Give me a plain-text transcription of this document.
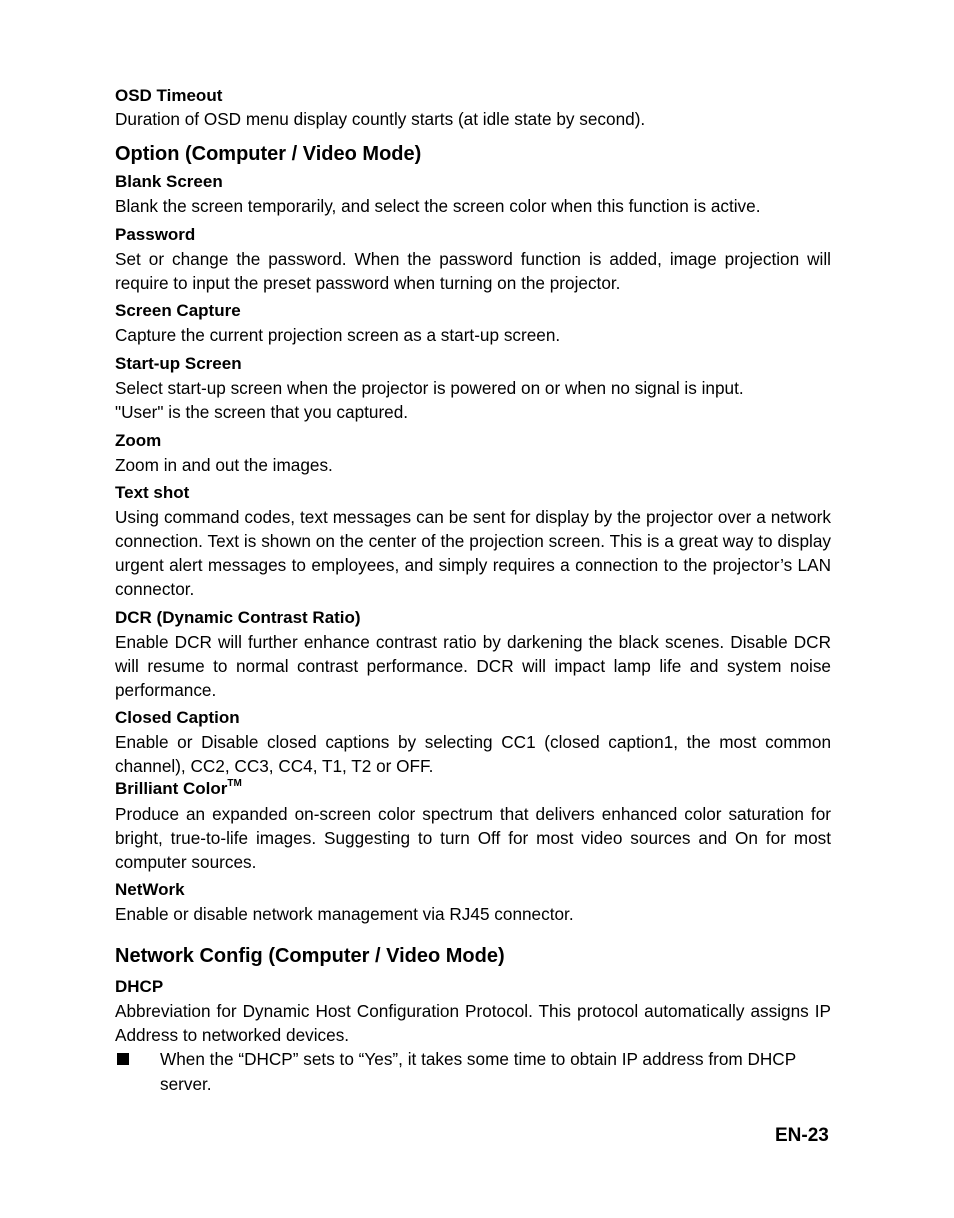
OSD Timeout
Duration of OSD menu display countly starts (at idle state by second).
Option (Computer / Video Mode)
Blank Screen
Blank the screen temporarily, and select the screen color when this function is active.
Password
Set or change the password. When the password function is added, image projection will require to input the preset password when turning on the projector.
Screen Capture
Capture the current projection screen as a start-up screen.
Start-up Screen
Select start-up screen when the projector is powered on or when no signal is input.
"User" is the screen that you captured.
Zoom
Zoom in and out the images.
Text shot
Using command codes, text messages can be sent for display by the projector over a network connection. Text is shown on the center of the projection screen. This is a great way to display urgent alert messages to employees, and simply requires a connection to the projector’s LAN connector.
DCR (Dynamic Contrast Ratio)
Enable DCR will further enhance contrast ratio by darkening the black scenes. Disable DCR will resume to normal contrast performance. DCR will impact lamp life and system noise performance.
Closed Caption
Enable or Disable closed captions by selecting CC1 (closed caption1, the most common channel), CC2, CC3, CC4, T1, T2 or OFF.
Brilliant Color™
Produce an expanded on-screen color spectrum that delivers enhanced color saturation for bright, true-to-life images. Suggesting to turn Off for most video sources and On for most computer sources.
NetWork
Enable or disable network management via RJ45 connector.
Network Config (Computer / Video Mode)
DHCP
Abbreviation for Dynamic Host Configuration Protocol. This protocol automatically assigns IP Address to networked devices.
When the “DHCP” sets to “Yes”, it takes some time to obtain IP address from DHCP server.
EN-23
